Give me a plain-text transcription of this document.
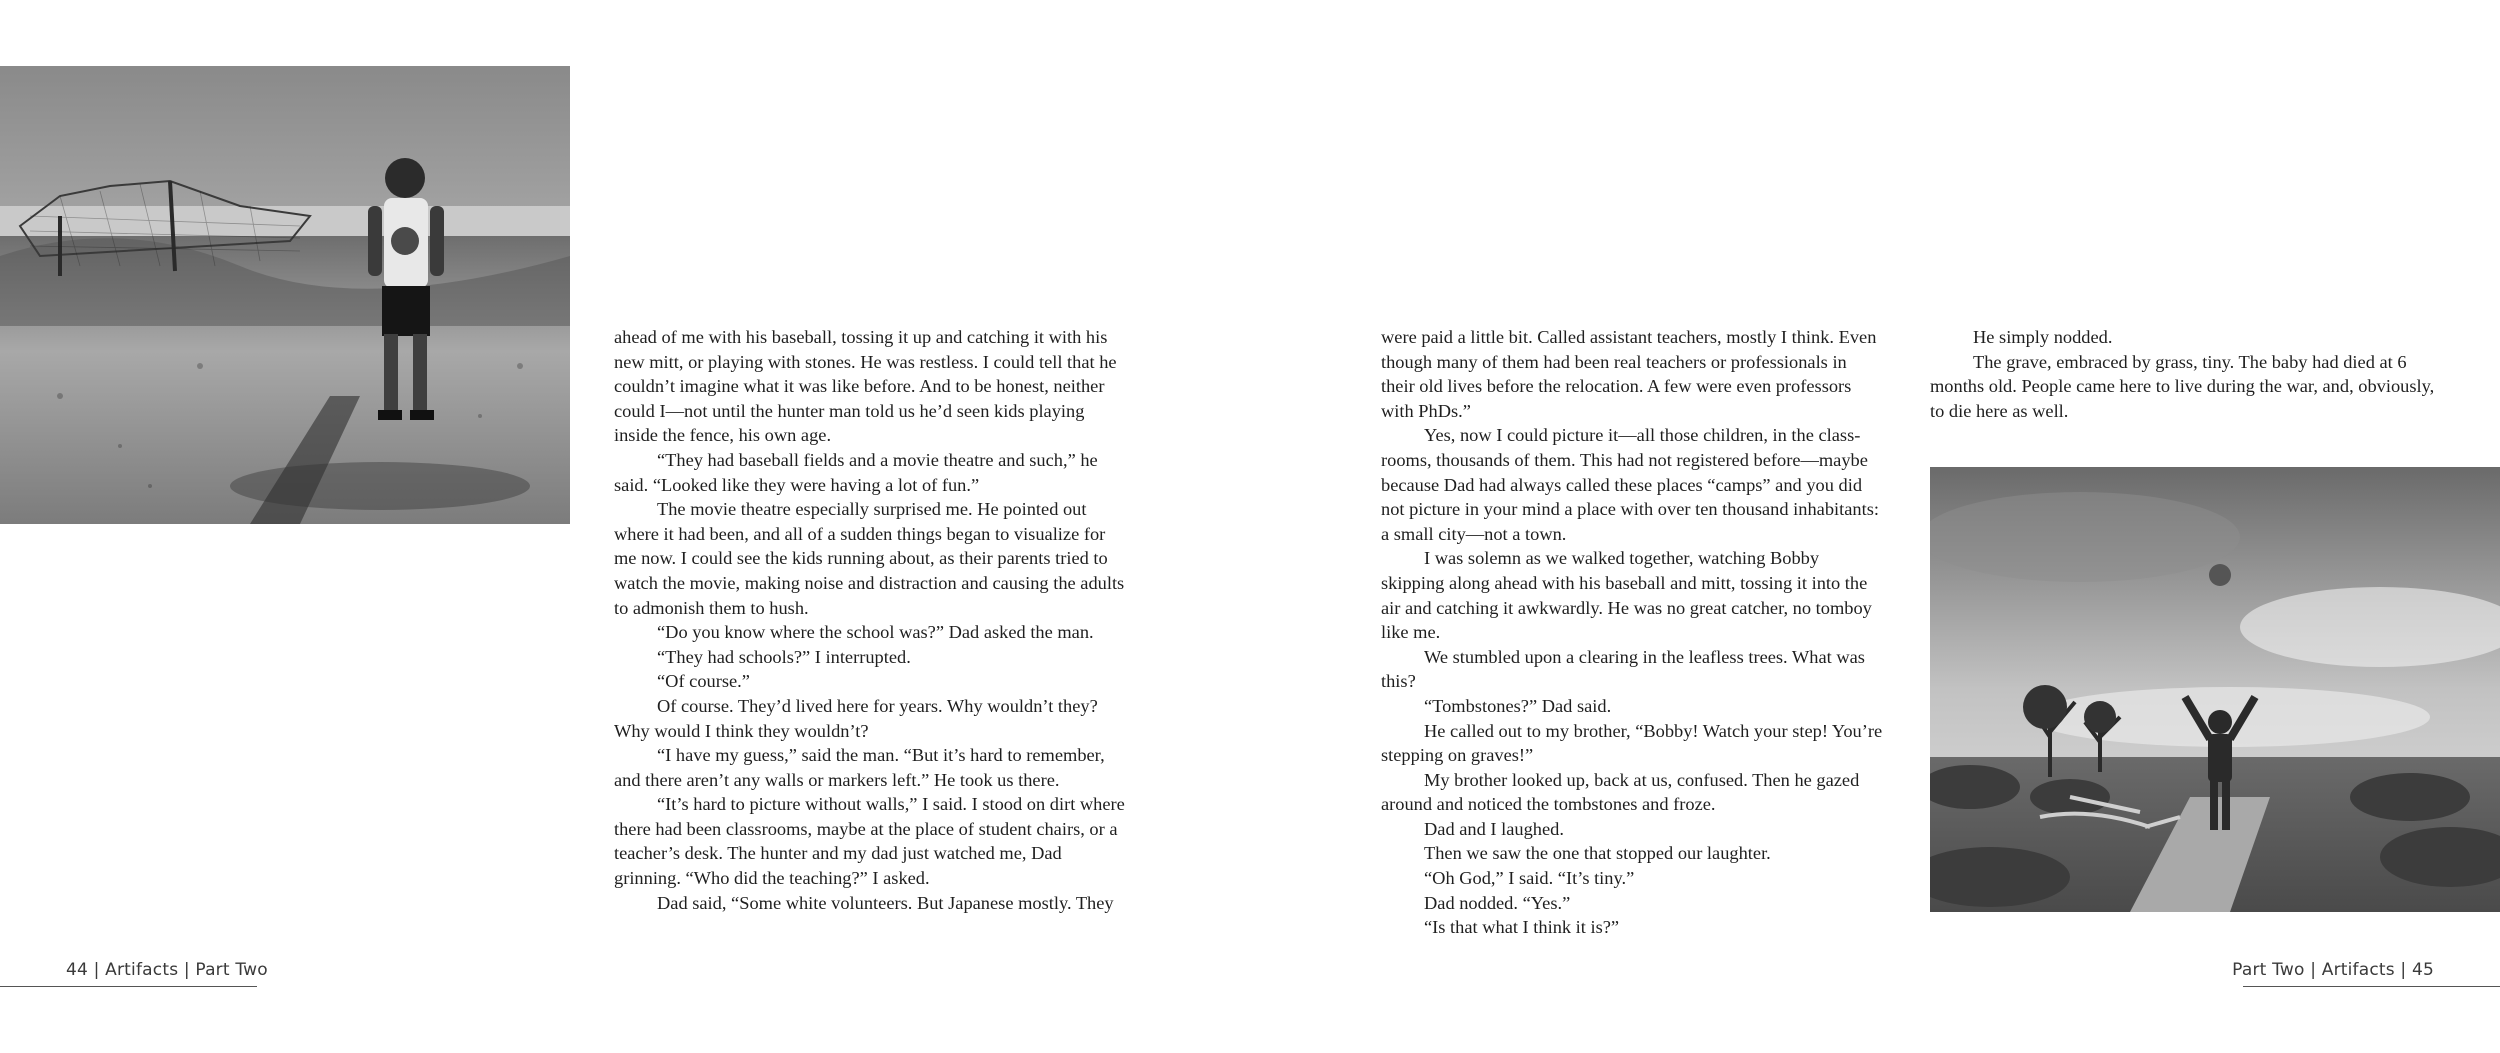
ahead of me with his baseball, tossing it up and catching it with his new mitt, or playing with stones. He was restless. I could tell that he couldn’t imagine what it was like before. And to be honest, neither could I—not until the hunter man told us he’d seen kids playing inside the fence, his own age.

“They had baseball fields and a movie theatre and such,” he said. “Looked like they were having a lot of fun.”

The movie theatre especially surprised me. He pointed out where it had been, and all of a sudden things began to visualize for me now. I could see the kids running about, as their parents tried to watch the movie, making noise and distraction and causing the adults to admonish them to hush.

“Do you know where the school was?” Dad asked the man.

“They had schools?” I interrupted.

“Of course.”

Of course. They’d lived here for years. Why wouldn’t they? Why would I think they wouldn’t?

“I have my guess,” said the man. “But it’s hard to remember, and there aren’t any walls or markers left.” He took us there.

“It’s hard to picture without walls,” I said. I stood on dirt where there had been classrooms, maybe at the place of student chairs, or a teacher’s desk. The hunter and my dad just watched me, Dad grinning. “Who did the teaching?” I asked.

Dad said, “Some white volunteers. But Japanese mostly. They

were paid a little bit. Called assistant teachers, mostly I think. Even though many of them had been real teachers or professionals in their old lives before the relocation. A few were even professors with PhDs.”

Yes, now I could picture it—all those children, in the class-rooms, thousands of them. This had not registered before—maybe because Dad had always called these places “camps” and you did not picture in your mind a place with over ten thousand inhabitants: a small city—not a town.

I was solemn as we walked together, watching Bobby skipping along ahead with his baseball and mitt, tossing it into the air and catching it awkwardly. He was no great catcher, no tomboy like me.

We stumbled upon a clearing in the leafless trees. What was this?

“Tombstones?” Dad said.

He called out to my brother, “Bobby! Watch your step! You’re stepping on graves!”

My brother looked up, back at us, confused. Then he gazed around and noticed the tombstones and froze.

Dad and I laughed.

Then we saw the one that stopped our laughter.

“Oh God,” I said. “It’s tiny.”

Dad nodded. “Yes.”

“Is that what I think it is?”

He simply nodded.

The grave, embraced by grass, tiny. The baby had died at 6 months old. People came here to live during the war, and, obviously, to die here as well.

44 | Artifacts | Part Two	Part Two | Artifacts | 45
